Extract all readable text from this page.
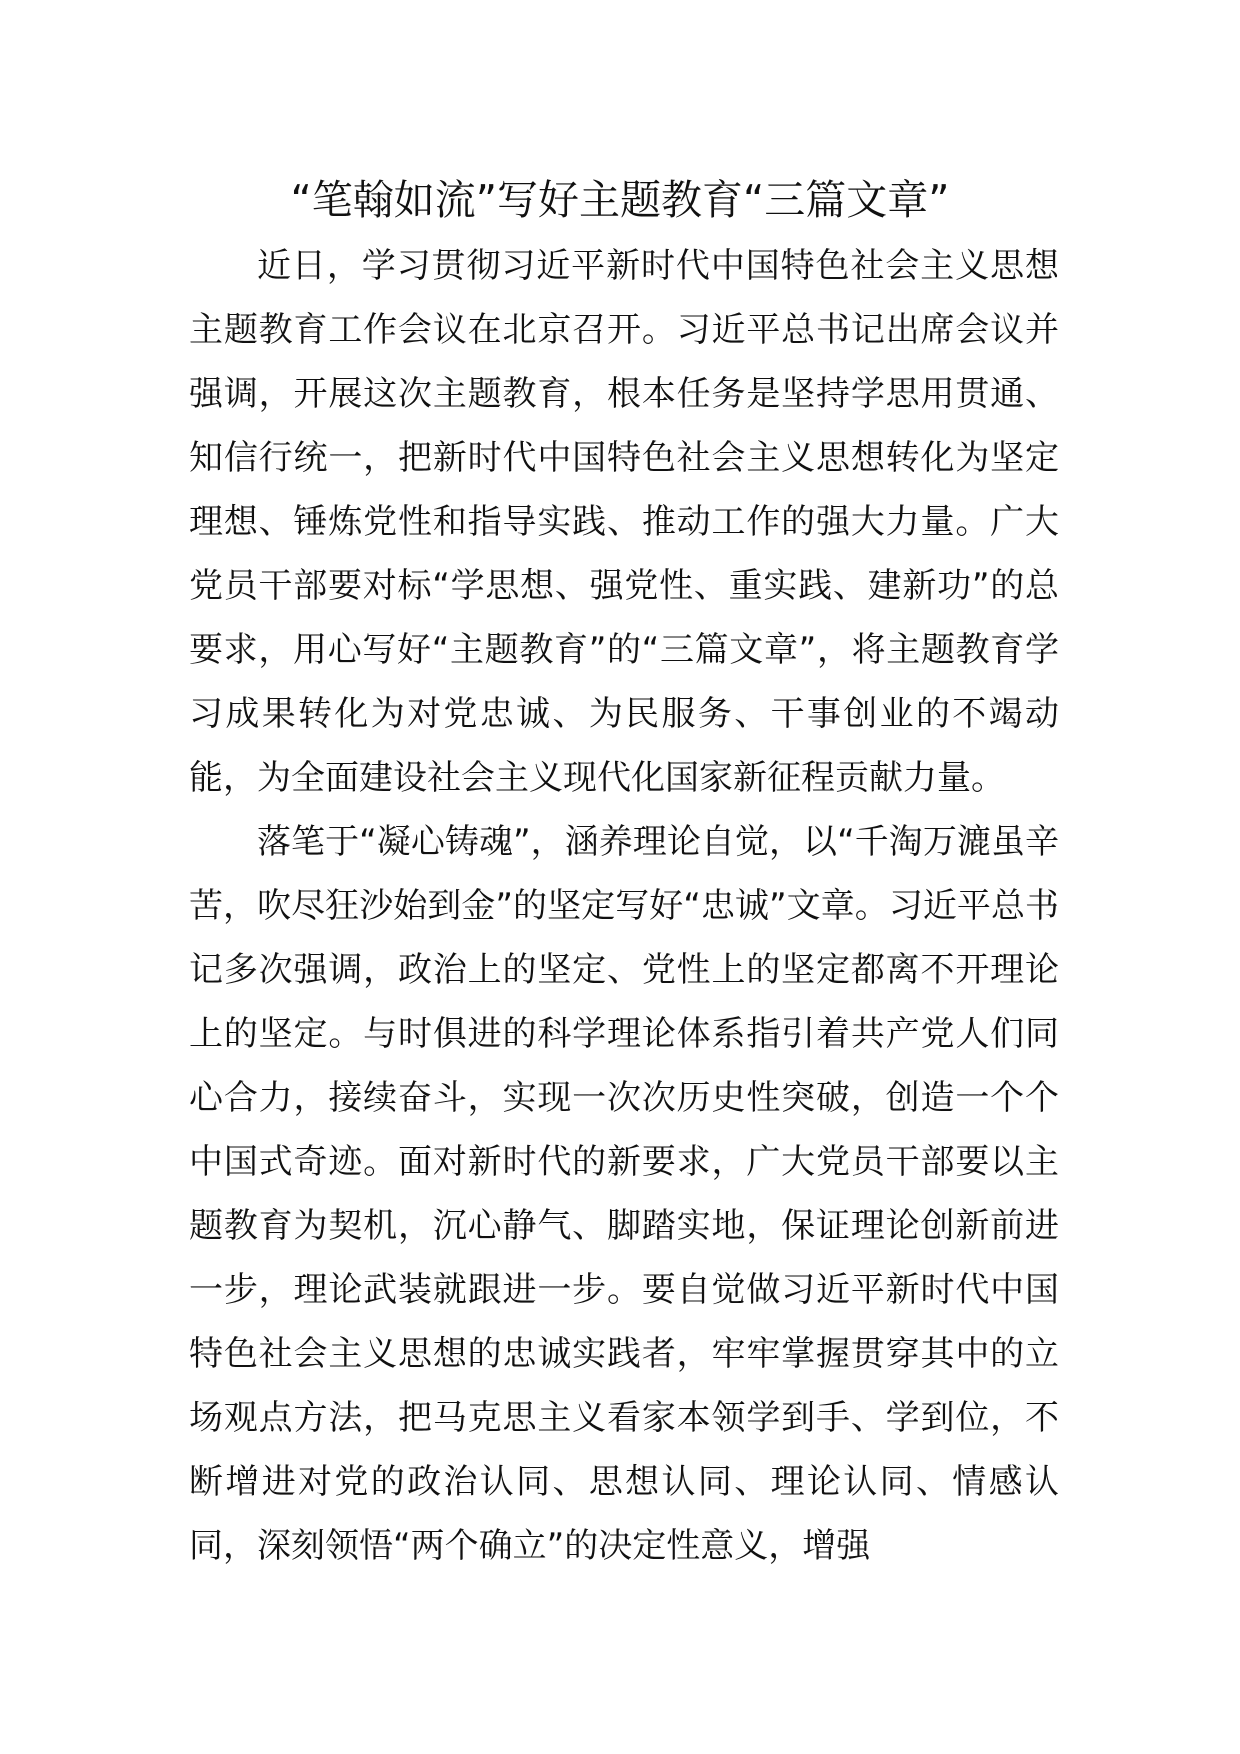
“笔翰如流”写好主题教育“三篇文章”

近日，学习贯彻习近平新时代中国特色社会主义思想主题教育工作会议在北京召开。习近平总书记出席会议并强调，开展这次主题教育，根本任务是坚持学思用贯通、知信行统一，把新时代中国特色社会主义思想转化为坚定理想、锤炼党性和指导实践、推动工作的强大力量。广大党员干部要对标“学思想、强党性、重实践、建新功”的总要求，用心写好“主题教育”的“三篇文章”，将主题教育学习成果转化为对党忠诚、为民服务、干事创业的不竭动能，为全面建设社会主义现代化国家新征程贡献力量。

落笔于“凝心铸魂”，涵养理论自觉，以“千淘万漉虽辛苦，吹尽狂沙始到金”的坚定写好“忠诚”文章。习近平总书记多次强调，政治上的坚定、党性上的坚定都离不开理论上的坚定。与时俱进的科学理论体系指引着共产党人们同心合力，接续奋斗，实现一次次历史性突破，创造一个个中国式奇迹。面对新时代的新要求，广大党员干部要以主题教育为契机，沉心静气、脚踏实地，保证理论创新前进一步，理论武装就跟进一步。要自觉做习近平新时代中国特色社会主义思想的忠诚实践者，牢牢掌握贯穿其中的立场观点方法，把马克思主义看家本领学到手、学到位，不断增进对党的政治认同、思想认同、理论认同、情感认同，深刻领悟“两个确立”的决定性意义，增强
